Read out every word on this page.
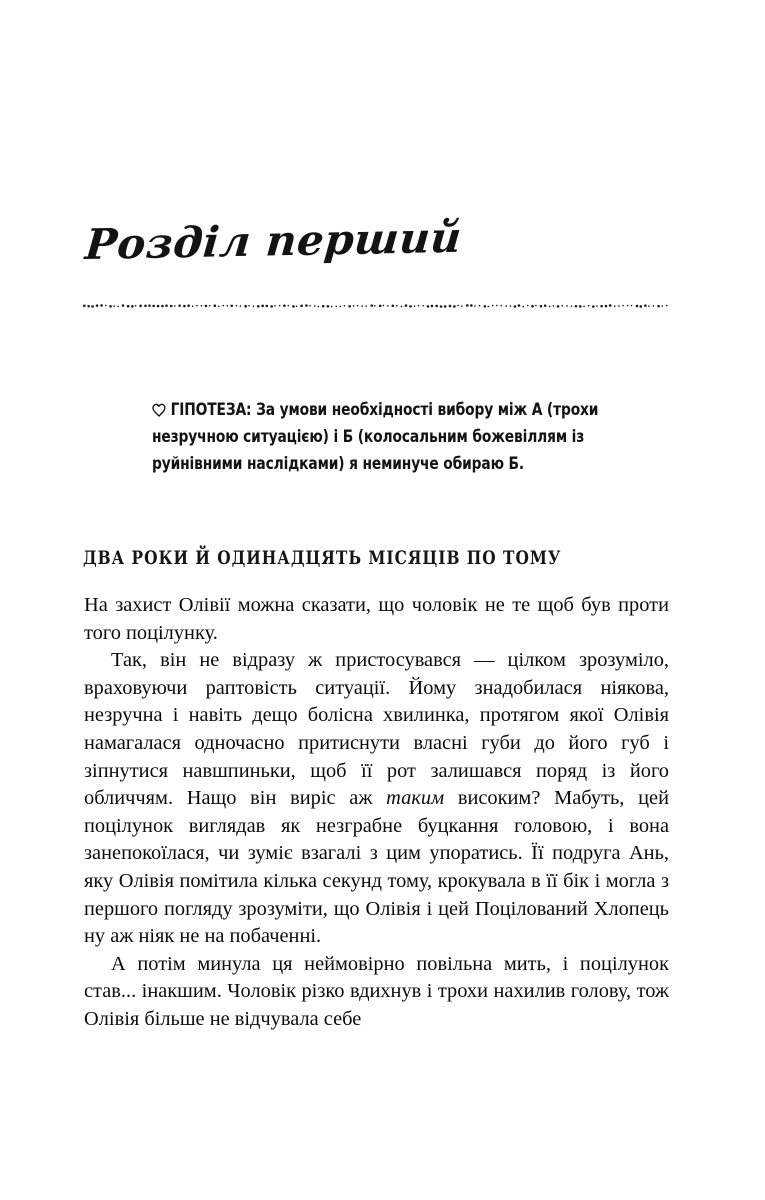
Розділ перший
ГІПОТЕЗА: За умови необхідності вибору між А (трохи незручною ситуацією) і Б (колосальним божевіллям із руйнівними наслідками) я неминуче обираю Б.
ДВА РОКИ Й ОДИНАДЦЯТЬ МІСЯЦІВ ПО ТОМУ

На захист Олівії можна сказати, що чоловік не те щоб був проти того поцілунку.

Так, він не відразу ж пристосувався — цілком зрозуміло, враховуючи раптовість ситуації. Йому знадобилася ніякова, незручна і навіть дещо болісна хвилинка, протягом якої Олівія намагалася одночасно притиснути власні губи до його губ і зіпнутися навшпиньки, щоб її рот залишався поряд із його обличчям. Нащо він виріс аж таким високим? Мабуть, цей поцілунок виглядав як незграбне буцкання головою, і вона занепокоїлася, чи зуміє взагалі з цим упоратись. Її подруга Ань, яку Олівія помітила кілька секунд тому, крокувала в її бік і могла з першого погляду зрозуміти, що Олівія і цей Поцілований Хлопець ну аж ніяк не на побаченні.

А потім минула ця неймовірно повільна мить, і поцілунок став... інакшим. Чоловік різко вдихнув і трохи нахилив голову, тож Олівія більше не відчувала себе
